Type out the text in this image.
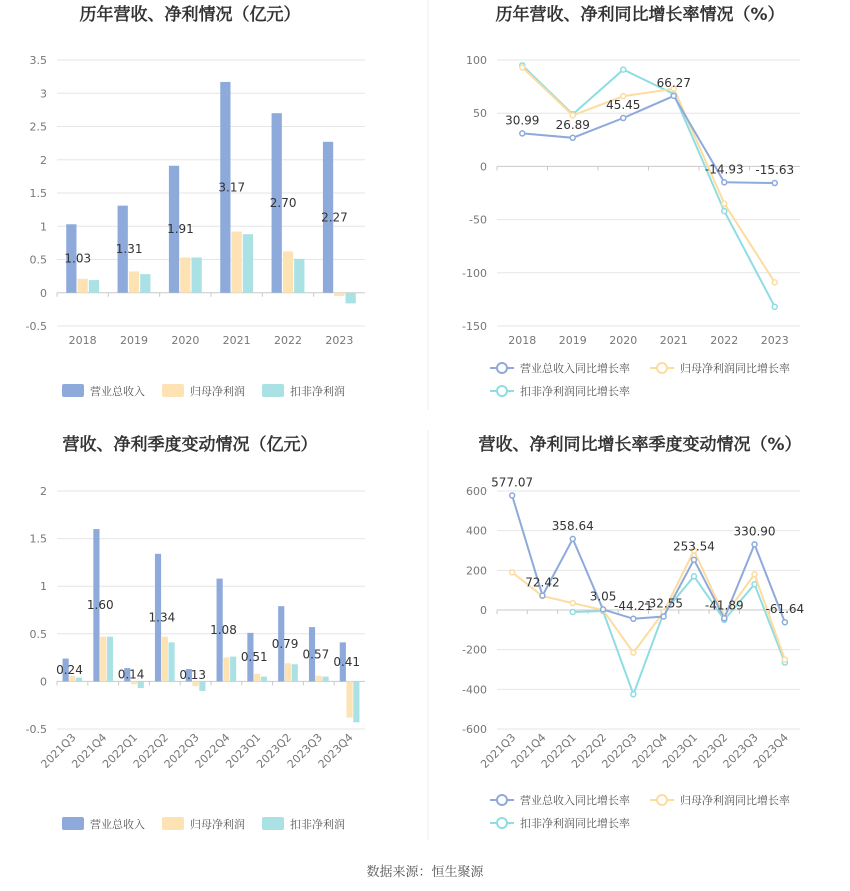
历年营收、净利情况（亿元）
-0.5
0
0.5
1
1.5
2
2.5
3
3.5
2018 2019 2020 2021 2022 2023
1.03
1.31
1.91
3.17
2.70
2.27
营业总收入	归母净利润	扣非净利润
历年营收、净利同比增长率情况（%）
-150
-100
-50
0
50
100
2018 2019 2020 2021 2022 2023
30.99 26.89
45.45
66.27
-14.93 -15.63
营业总收入同比增长率	归母净利润同比增长率
扣非净利润同比增长率
营收、净利季度变动情况（亿元）
-0.5
0
0.5
1
1.5
2
2021Q3
2021Q4
2022Q1
2022Q2
2022Q3
2022Q4
2023Q1
2023Q2
2023Q3
2023Q4
0.24
1.60
0.14
1.34
0.13
1.08
0.51
0.79
0.57
0.41
营业总收入	归母净利润	扣非净利润
营收、净利同比增长率季度变动情况（%）
-600
-400
-200
0
200
400
600
2021Q3
2021Q4
2022Q1
2022Q2
2022Q3
2022Q4
2023Q1
2023Q2
2023Q3
2023Q4
577.07
72.42
358.64
3.05
-44.21
-32.55
253.54
-41.89
330.90
-61.64
营业总收入同比增长率	归母净利润同比增长率
扣非净利润同比增长率
数据来源：恒生聚源
